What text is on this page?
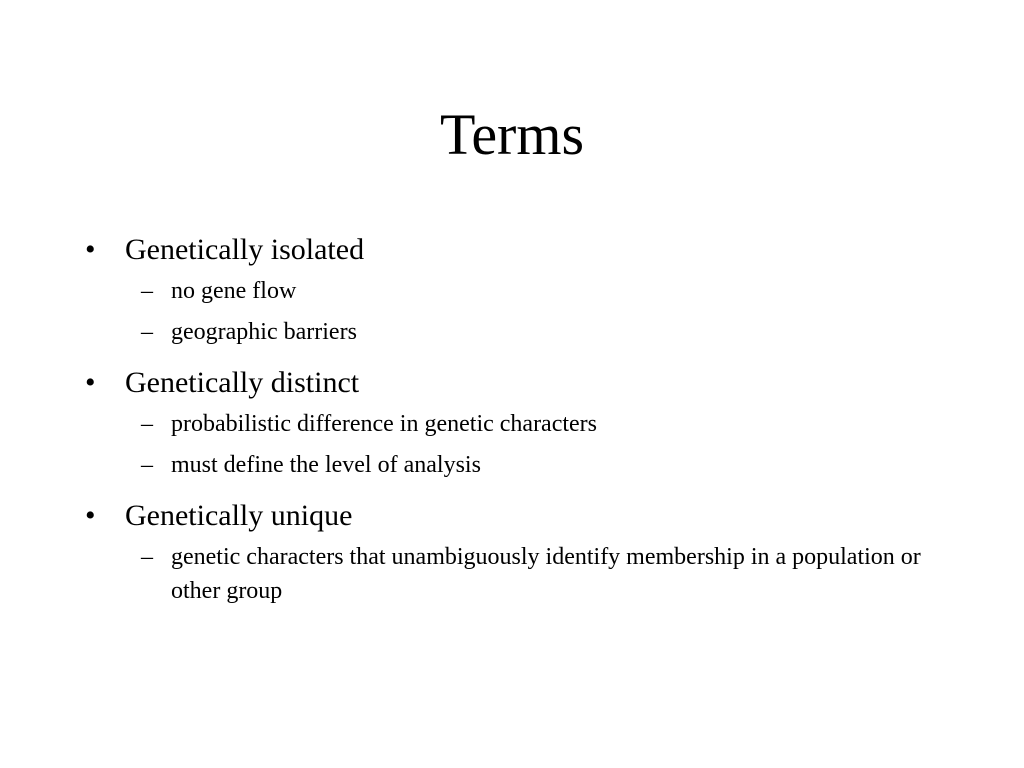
Terms
• Genetically isolated
– no gene flow
– geographic barriers
• Genetically distinct
– probabilistic difference in genetic characters
– must define the level of analysis
• Genetically unique
– genetic characters that unambiguously identify membership in a population or other group
